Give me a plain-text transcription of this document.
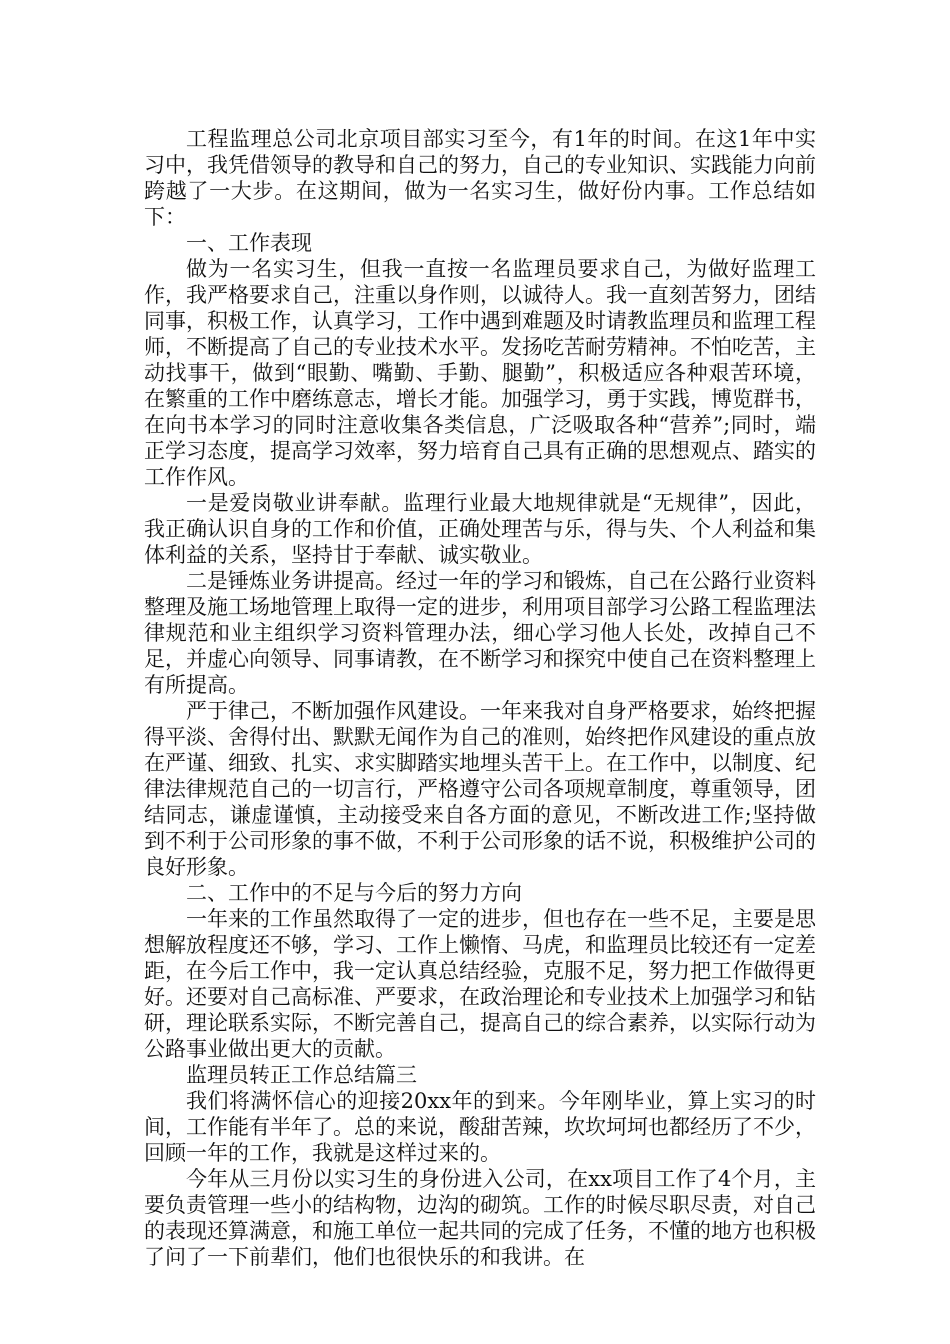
工程监理总公司北京项目部实习至今，有1年的时间。在这1年中实习中，我凭借领导的教导和自己的努力，自己的专业知识、实践能力向前跨越了一大步。在这期间，做为一名实习生，做好份内事。工作总结如下：

一、工作表现

做为一名实习生，但我一直按一名监理员要求自己，为做好监理工作，我严格要求自己，注重以身作则，以诚待人。我一直刻苦努力，团结同事，积极工作，认真学习，工作中遇到难题及时请教监理员和监理工程师，不断提高了自己的专业技术水平。发扬吃苦耐劳精神。不怕吃苦，主动找事干，做到“眼勤、嘴勤、手勤、腿勤”，积极适应各种艰苦环境，在繁重的工作中磨练意志，增长才能。加强学习，勇于实践，博览群书，在向书本学习的同时注意收集各类信息，广泛吸取各种“营养”;同时，端正学习态度，提高学习效率，努力培育自己具有正确的思想观点、踏实的工作作风。

一是爱岗敬业讲奉献。监理行业最大地规律就是“无规律”，因此，我正确认识自身的工作和价值，正确处理苦与乐，得与失、个人利益和集体利益的关系，坚持甘于奉献、诚实敬业。

二是锤炼业务讲提高。经过一年的学习和锻炼，自己在公路行业资料整理及施工场地管理上取得一定的进步，利用项目部学习公路工程监理法律规范和业主组织学习资料管理办法，细心学习他人长处，改掉自己不足，并虚心向领导、同事请教，在不断学习和探究中使自己在资料整理上有所提高。

严于律己，不断加强作风建设。一年来我对自身严格要求，始终把握得平淡、舍得付出、默默无闻作为自己的准则，始终把作风建设的重点放在严谨、细致、扎实、求实脚踏实地埋头苦干上。在工作中，以制度、纪律法律规范自己的一切言行，严格遵守公司各项规章制度，尊重领导，团结同志，谦虚谨慎，主动接受来自各方面的意见，不断改进工作;坚持做到不利于公司形象的事不做，不利于公司形象的话不说，积极维护公司的良好形象。

二、工作中的不足与今后的努力方向

一年来的工作虽然取得了一定的进步，但也存在一些不足，主要是思想解放程度还不够，学习、工作上懒惰、马虎，和监理员比较还有一定差距，在今后工作中，我一定认真总结经验，克服不足，努力把工作做得更好。还要对自己高标准、严要求，在政治理论和专业技术上加强学习和钻研，理论联系实际，不断完善自己，提高自己的综合素养，以实际行动为公路事业做出更大的贡献。

监理员转正工作总结篇三

我们将满怀信心的迎接20xx年的到来。今年刚毕业，算上实习的时间，工作能有半年了。总的来说，酸甜苦辣，坎坎坷坷也都经历了不少，回顾一年的工作，我就是这样过来的。

今年从三月份以实习生的身份进入公司，在xx项目工作了4个月，主要负责管理一些小的结构物，边沟的砌筑。工作的时候尽职尽责，对自己的表现还算满意，和施工单位一起共同的完成了任务，不懂的地方也积极了问了一下前辈们，他们也很快乐的和我讲。在
